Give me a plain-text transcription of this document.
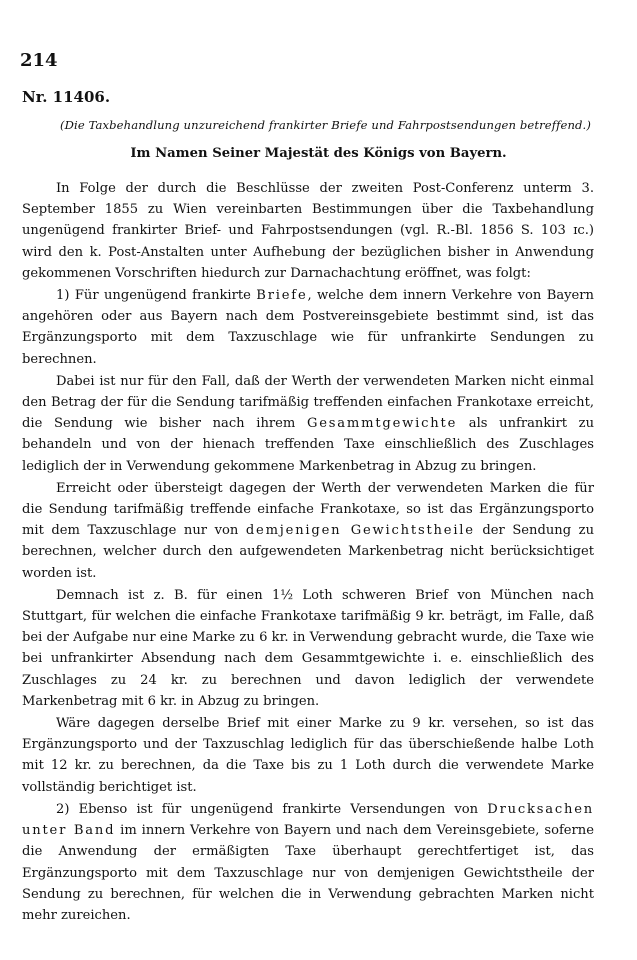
214
Nr. 11406.
(Die Taxbehandlung unzureichend frankirter Briefe und Fahrpostsendungen betreffend.)
Im Namen Seiner Majestät des Königs von Bayern.

In Folge der durch die Beschlüsse der zweiten Post-Conferenz unterm 3. September 1855 zu Wien vereinbarten Bestimmungen über die Taxbehandlung ungenügend frankirter Brief- und Fahrpostsendungen (vgl. R.-Bl. 1856 S. 103 ɪc.) wird den k. Post-Anstalten unter Aufhebung der bezüglichen bisher in Anwendung gekommenen Vorschriften hiedurch zur Darnachachtung eröffnet, was folgt:

1) Für ungenügend frankirte Briefe, welche dem innern Verkehre von Bayern angehören oder aus Bayern nach dem Postvereinsgebiete bestimmt sind, ist das Ergänzungsporto mit dem Taxzuschlage wie für unfrankirte Sendungen zu berechnen.

Dabei ist nur für den Fall, daß der Werth der verwendeten Marken nicht einmal den Betrag der für die Sendung tarifmäßig treffenden einfachen Frankotaxe erreicht, die Sendung wie bisher nach ihrem Gesammtgewichte als unfrankirt zu behandeln und von der hienach treffenden Taxe einschließlich des Zuschlages lediglich der in Verwendung gekommene Markenbetrag in Abzug zu bringen.

Erreicht oder übersteigt dagegen der Werth der verwendeten Marken die für die Sendung tarifmäßig treffende einfache Frankotaxe, so ist das Ergänzungsporto mit dem Taxzuschlage nur von demjenigen Gewichtstheile der Sendung zu berechnen, welcher durch den aufgewendeten Markenbetrag nicht berücksichtiget worden ist.

Demnach ist z. B. für einen 1½ Loth schweren Brief von München nach Stuttgart, für welchen die einfache Frankotaxe tarifmäßig 9 kr. beträgt, im Falle, daß bei der Aufgabe nur eine Marke zu 6 kr. in Verwendung gebracht wurde, die Taxe wie bei unfrankirter Absendung nach dem Gesammtgewichte i. e. einschließlich des Zuschlages zu 24 kr. zu berechnen und davon lediglich der verwendete Markenbetrag mit 6 kr. in Abzug zu bringen.

Wäre dagegen derselbe Brief mit einer Marke zu 9 kr. versehen, so ist das Ergänzungsporto und der Taxzuschlag lediglich für das überschießende halbe Loth mit 12 kr. zu berechnen, da die Taxe bis zu 1 Loth durch die verwendete Marke vollständig berichtiget ist.

2) Ebenso ist für ungenügend frankirte Versendungen von Drucksachen unter Band im innern Verkehre von Bayern und nach dem Vereinsgebiete, soferne die Anwendung der ermäßigten Taxe überhaupt gerechtfertiget ist, das Ergänzungsporto mit dem Taxzuschlage nur von demjenigen Gewichtstheile der Sendung zu berechnen, für welchen die in Verwendung gebrachten Marken nicht mehr zureichen.
